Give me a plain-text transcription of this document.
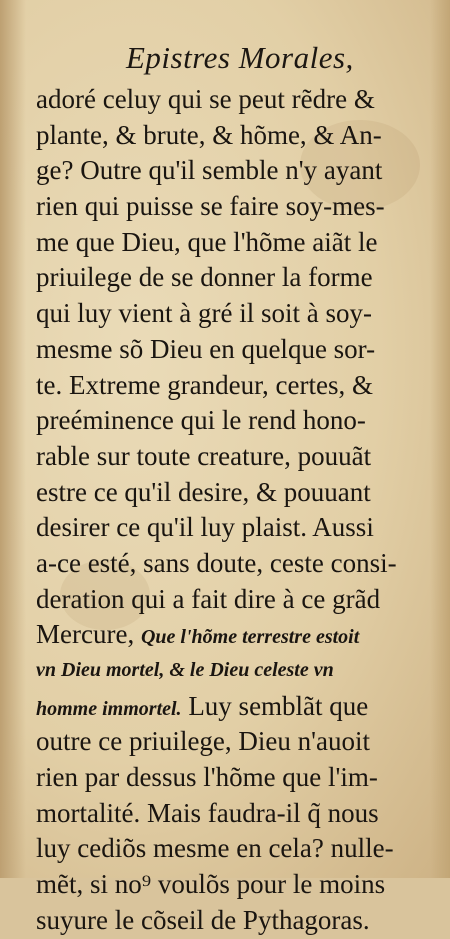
Epistres Morales,
adoré celuy qui se peut rẽdre &
plante, & brute, & hõme, & An-
ge? Outre qu'il semble n'y ayant
rien qui puisse se faire soy-mes-
me que Dieu, que l'hõme aiãt le
priuilege de se donner la forme
qui luy vient à gré il soit à soy-
mesme sõ Dieu en quelque sor-
te. Extreme grandeur, certes, &
preéminence qui le rend hono-
rable sur toute creature, pouuãt
estre ce qu'il desire, & pouuant
desirer ce qu'il luy plaist. Aussi
a-ce esté, sans doute, ceste consi-
deration qui a fait dire à ce grãd
Mercure, Que l'hõme terrestre estoit
vn Dieu mortel, & le Dieu celeste vn
homme immortel. Luy semblãt que
outre ce priuilege, Dieu n'auoit
rien par dessus l'hõme que l'im-
mortalité. Mais faudra-il q̃ nous
luy cediõs mesme en cela? nulle-
mẽt, si no⁹ voulõs pour le moins
suyure le cõseil de Pythagoras.
